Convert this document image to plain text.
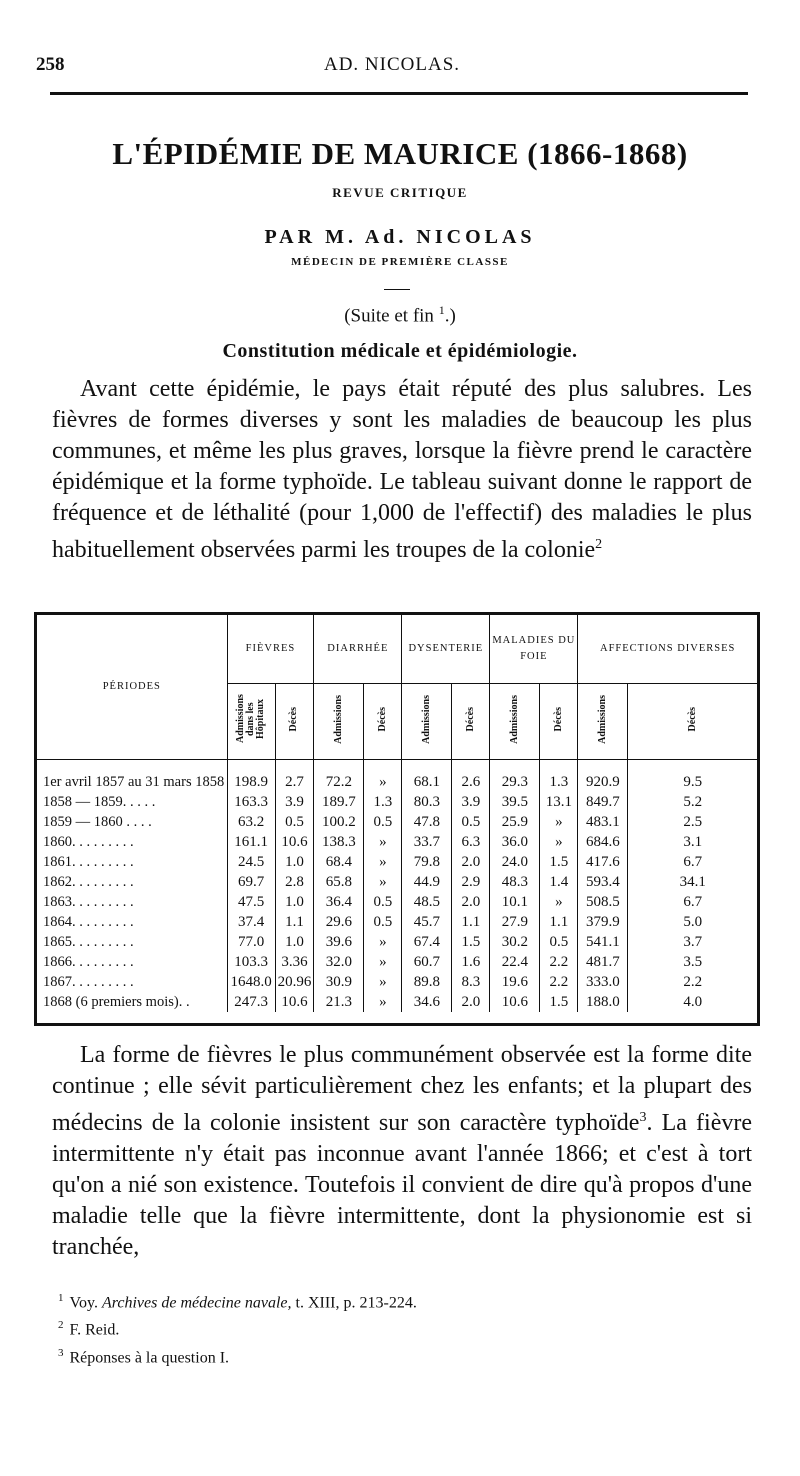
258	AD. NICOLAS.
L'ÉPIDÉMIE DE MAURICE (1866-1868)
REVUE CRITIQUE
PAR M. Ad. NICOLAS
MÉDECIN DE PREMIÈRE CLASSE
(Suite et fin $^1$.)
Constitution médicale et épidémiologie.

Avant cette épidémie, le pays était réputé des plus salubres. Les fièvres de formes diverses y sont les maladies de beaucoup les plus communes, et même les plus graves, lorsque la fièvre prend le caractère épidémique et la forme typhoïde. Le tableau suivant donne le rapport de fréquence et de léthalité (pour 1,000 de l'effectif) des maladies le plus habituellement observées parmi les troupes de la colonie$^2$

PÉRIODES	FIÈVRES		DIARRHÉE		DYSENTERIE		MALADIES DU FOIE		AFFECTIONS DIVERSES	
	Admissions dans les Hôpitaux	Décès	Admissions	Décès	Admissions	Décès	Admissions	Décès	Admissions	Décès

1er avril 1857 au 31 mars 1858	198.9	2.7	72.2	»	68.1	2.6	29.3	1.3	920.9	9.5
1858 — 1859. . . . .	163.3	3.9	189.7	1.3	80.3	3.9	39.5	13.1	849.7	5.2
1859 — 1860 . . . .	63.2	0.5	100.2	0.5	47.8	0.5	25.9	»	483.1	2.5
1860. . . . . . . . .	161.1	10.6	138.3	»	33.7	6.3	36.0	»	684.6	3.1
1861. . . . . . . . .	24.5	1.0	68.4	»	79.8	2.0	24.0	1.5	417.6	6.7
1862. . . . . . . . .	69.7	2.8	65.8	»	44.9	2.9	48.3	1.4	593.4	34.1
1863. . . . . . . . .	47.5	1.0	36.4	0.5	48.5	2.0	10.1	»	508.5	6.7
1864. . . . . . . . .	37.4	1.1	29.6	0.5	45.7	1.1	27.9	1.1	379.9	5.0
1865. . . . . . . . .	77.0	1.0	39.6	»	67.4	1.5	30.2	0.5	541.1	3.7
1866. . . . . . . . .	103.3	3.36	32.0	»	60.7	1.6	22.4	2.2	481.7	3.5
1867. . . . . . . . .	1648.0	20.96	30.9	»	89.8	8.3	19.6	2.2	333.0	2.2
1868 (6 premiers mois). .	247.3	10.6	21.3	»	34.6	2.0	10.6	1.5	188.0	4.0

La forme de fièvres le plus communément observée est la forme dite continue ; elle sévit particulièrement chez les enfants; et la plupart des médecins de la colonie insistent sur son caractère typhoïde$^3$. La fièvre intermittente n'y était pas inconnue avant l'année 1866; et c'est à tort qu'on a nié son existence. Toutefois il convient de dire qu'à propos d'une maladie telle que la fièvre intermittente, dont la physionomie est si tranchée,

$^1$ Voy. Archives de médecine navale, t. XIII, p. 213-224.
$^2$ F. Reid.
$^3$ Réponses à la question I.
